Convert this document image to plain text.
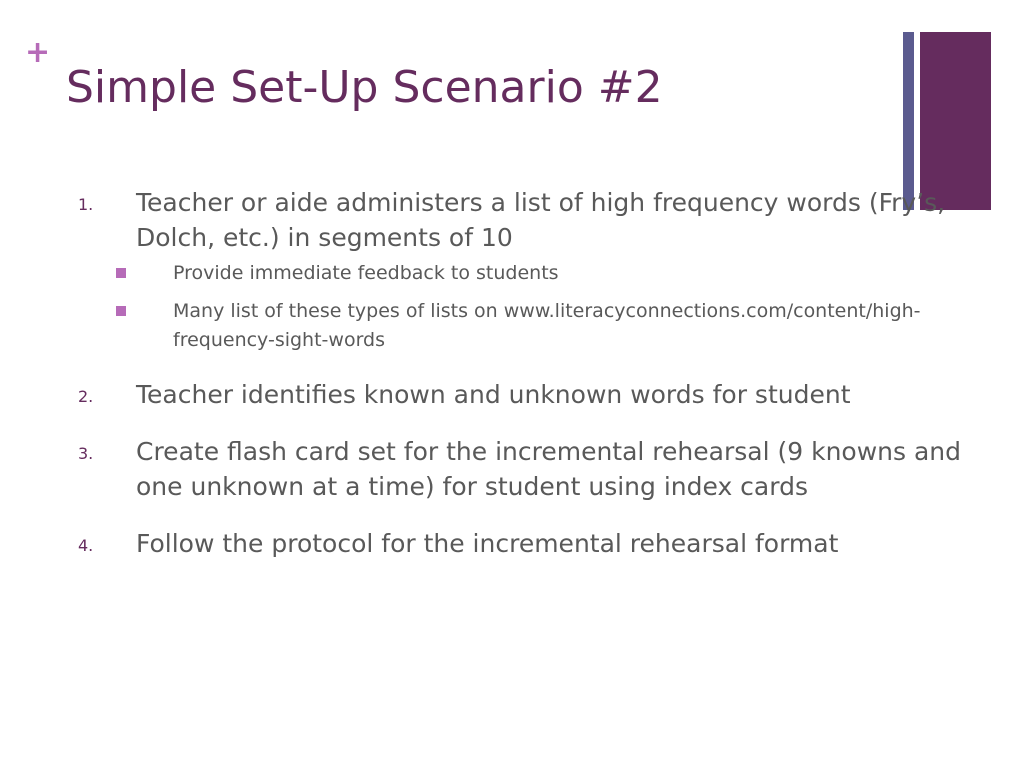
+
Simple Set-Up Scenario #2
1. Teacher or aide administers a list of high frequency words (Fry’s, Dolch, etc.) in segments of 10
Provide immediate feedback to students
Many list of these types of lists on www.literacyconnections.com/content/high-frequency-sight-words
2. Teacher identifies known and unknown words for student
3. Create flash card set for the incremental rehearsal (9 knowns and one unknown at a time) for student using index cards
4. Follow the protocol for the incremental rehearsal format
